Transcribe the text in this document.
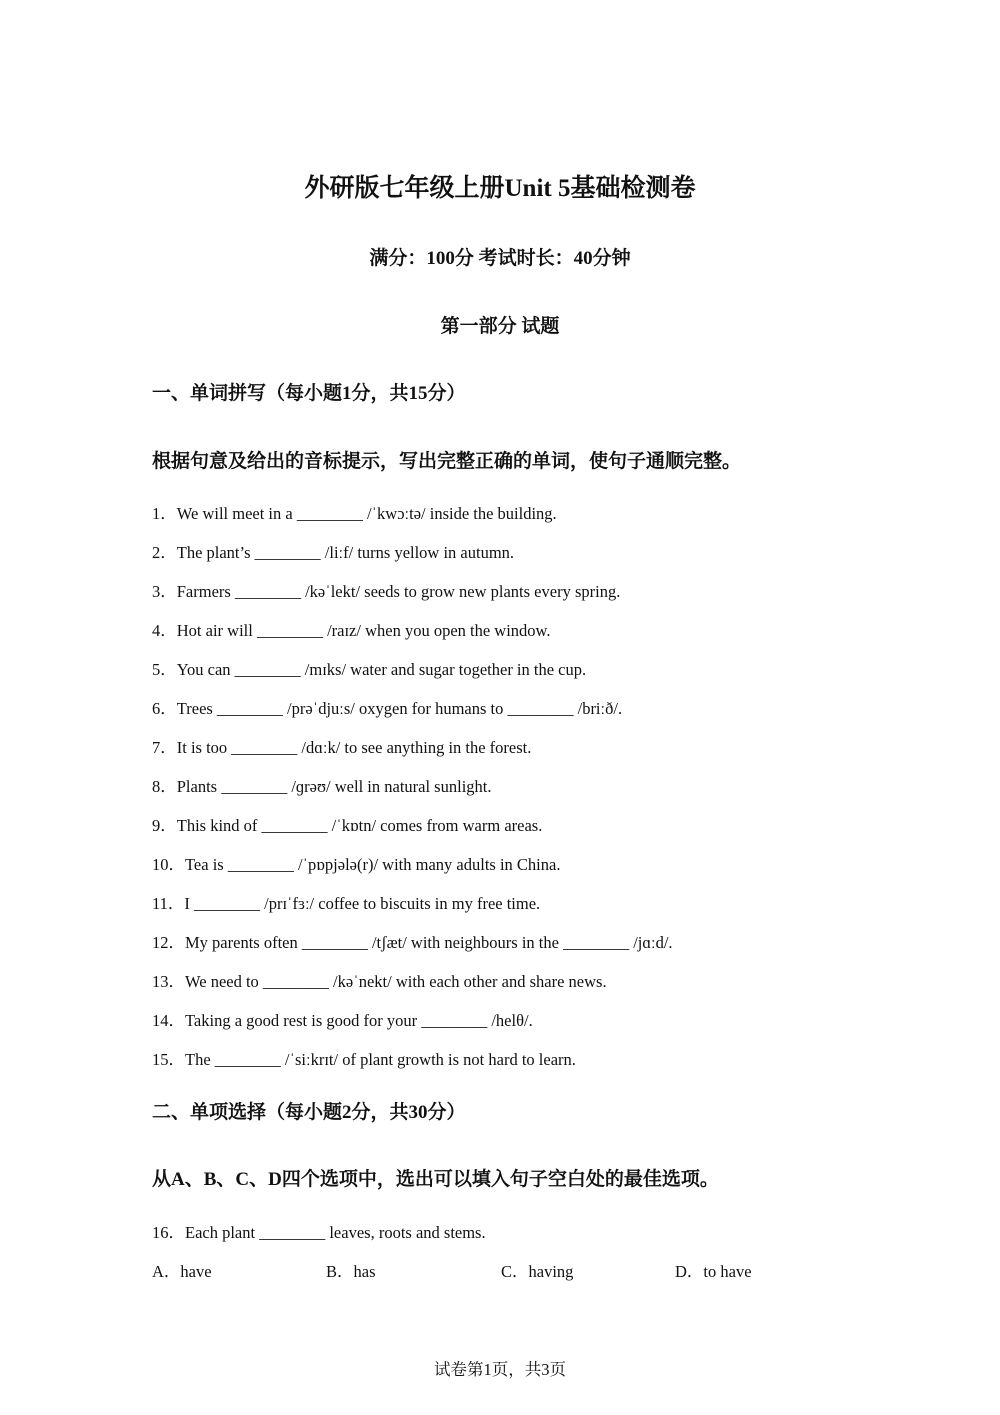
外研版七年级上册Unit 5基础检测卷
满分：100分 考试时长：40分钟
第一部分 试题
一、单词拼写（每小题1分，共15分）
根据句意及给出的音标提示，写出完整正确的单词，使句子通顺完整。
1．We will meet in a ________ /ˈkwɔːtə/ inside the building.
2．The plant’s ________ /liːf/ turns yellow in autumn.
3．Farmers ________ /kəˈlekt/ seeds to grow new plants every spring.
4．Hot air will ________ /raɪz/ when you open the window.
5．You can ________ /mɪks/ water and sugar together in the cup.
6．Trees ________ /prəˈdjuːs/ oxygen for humans to ________ /briːð/.
7．It is too ________ /dɑːk/ to see anything in the forest.
8．Plants ________ /ɡrəʊ/ well in natural sunlight.
9．This kind of ________ /ˈkɒtn/ comes from warm areas.
10．Tea is ________ /ˈpɒpjələ(r)/ with many adults in China.
11．I ________ /prɪˈfɜː/ coffee to biscuits in my free time.
12．My parents often ________ /tʃæt/ with neighbours in the ________ /jɑːd/.
13．We need to ________ /kəˈnekt/ with each other and share news.
14．Taking a good rest is good for your ________ /helθ/.
15．The ________ /ˈsiːkrɪt/ of plant growth is not hard to learn.
二、单项选择（每小题2分，共30分）
从A、B、C、D四个选项中，选出可以填入句子空白处的最佳选项。
16．Each plant ________ leaves, roots and stems.
A．have	B．has	C．having	D．to have
试卷第1页，共3页
